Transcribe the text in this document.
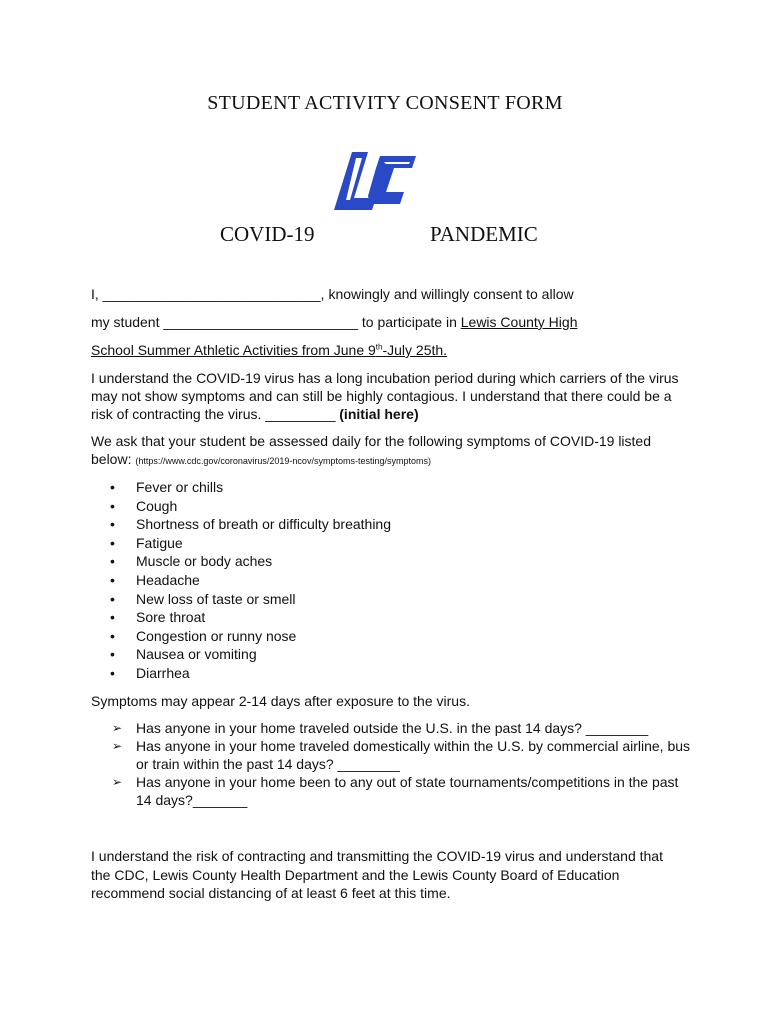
STUDENT ACTIVITY CONSENT FORM
COVID-19	PANDEMIC
I, ____________________________, knowingly and willingly consent to allow
my student _________________________ to participate in Lewis County High
School Summer Athletic Activities from June 9th-July 25th.
I understand the COVID-19 virus has a long incubation period during which carriers of the virus may not show symptoms and can still be highly contagious. I understand that there could be a risk of contracting the virus. _________ (initial here)
We ask that your student be assessed daily for the following symptoms of COVID-19 listed below: (https://www.cdc.gov/coronavirus/2019-ncov/symptoms-testing/symptoms)
• Fever or chills
• Cough
• Shortness of breath or difficulty breathing
• Fatigue
• Muscle or body aches
• Headache
• New loss of taste or smell
• Sore throat
• Congestion or runny nose
• Nausea or vomiting
• Diarrhea
Symptoms may appear 2-14 days after exposure to the virus.
➢ Has anyone in your home traveled outside the U.S. in the past 14 days? ________
➢ Has anyone in your home traveled domestically within the U.S. by commercial airline, bus or train within the past 14 days? ________
➢ Has anyone in your home been to any out of state tournaments/competitions in the past 14 days?_______
I understand the risk of contracting and transmitting the COVID-19 virus and understand that the CDC, Lewis County Health Department and the Lewis County Board of Education recommend social distancing of at least 6 feet at this time.
